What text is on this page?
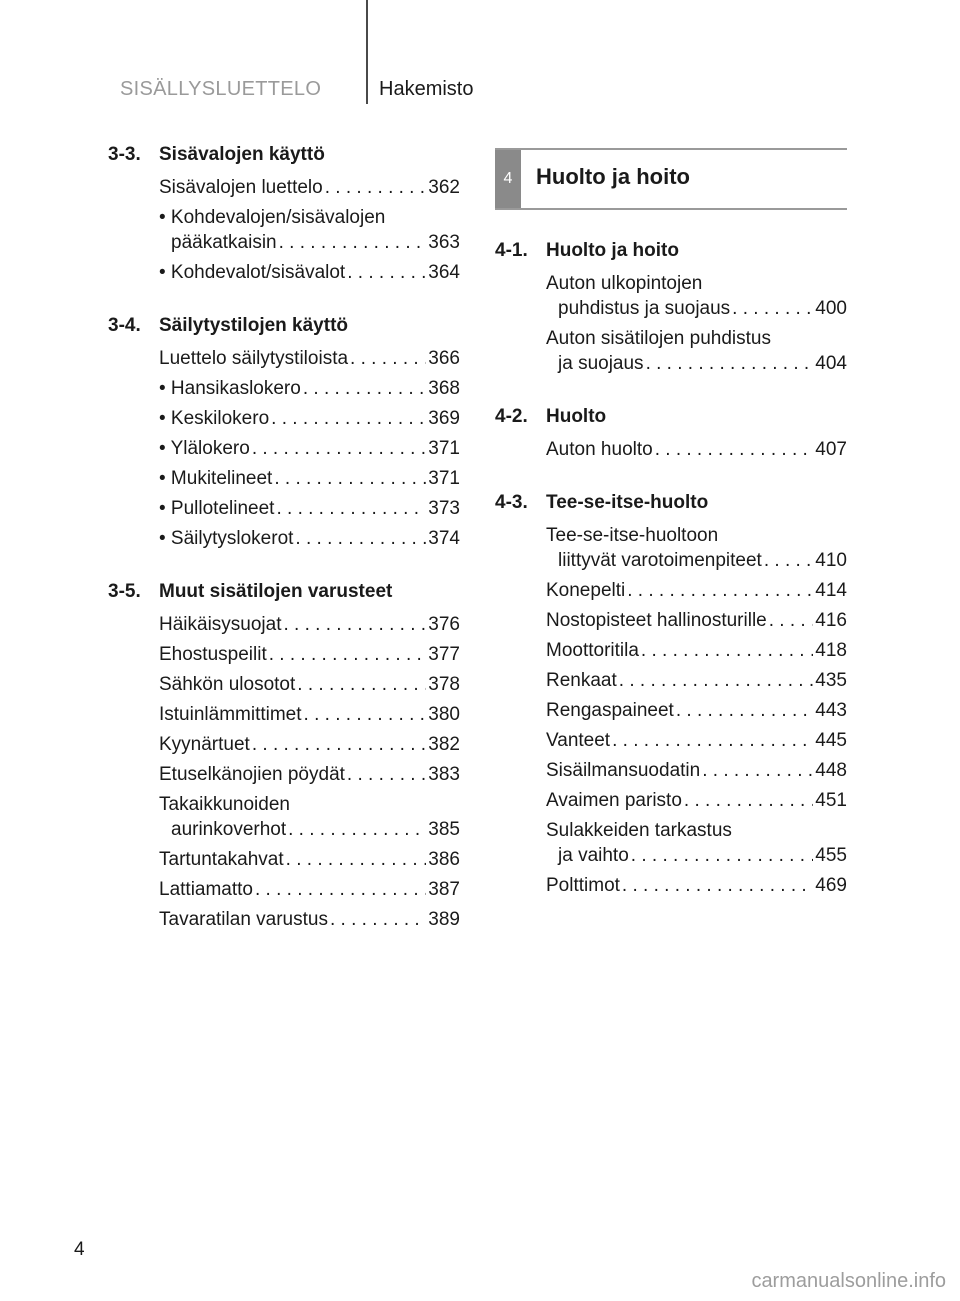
SISÄLLYSLUETTELO	Hakemisto
3-3. Sisävalojen käyttö
Sisävalojen luettelo . . .	362
• Kohdevalojen/sisävalojen
pääkatkaisin . . .	363
• Kohdevalot/sisävalot . . .	364
3-4. Säilytystilojen käyttö
Luettelo säilytystiloista . . .	366
• Hansikaslokero . . .	368
• Keskilokero . . .	369
• Ylälokero . . .	371
• Mukitelineet . . .	371
• Pullotelineet . . .	373
• Säilytyslokerot . . .	374
3-5. Muut sisätilojen varusteet
Häikäisysuojat . . .	376
Ehostuspeilit . . .	377
Sähkön ulosotot . . .	378
Istuinlämmittimet . . .	380
Kyynärtuet . . .	382
Etuselkänojien pöydät . . .	383
Takaikkunoiden
aurinkoverhot . . .	385
Tartuntakahvat . . .	386
Lattiamatto . . .	387
Tavaratilan varustus . . .	389
4	Huolto ja hoito
4-1. Huolto ja hoito
Auton ulkopintojen
puhdistus ja suojaus . . .	400
Auton sisätilojen puhdistus
ja suojaus . . .	404
4-2. Huolto
Auton huolto . . .	407
4-3. Tee-se-itse-huolto
Tee-se-itse-huoltoon
liittyvät varotoimenpiteet . . .	410
Konepelti . . .	414
Nostopisteet hallinosturille . . .	416
Moottoritila . . .	418
Renkaat . . .	435
Rengaspaineet . . .	443
Vanteet . . .	445
Sisäilmansuodatin . . .	448
Avaimen paristo . . .	451
Sulakkeiden tarkastus
ja vaihto . . .	455
Polttimot . . .	469
4
carmanualsonline.info
